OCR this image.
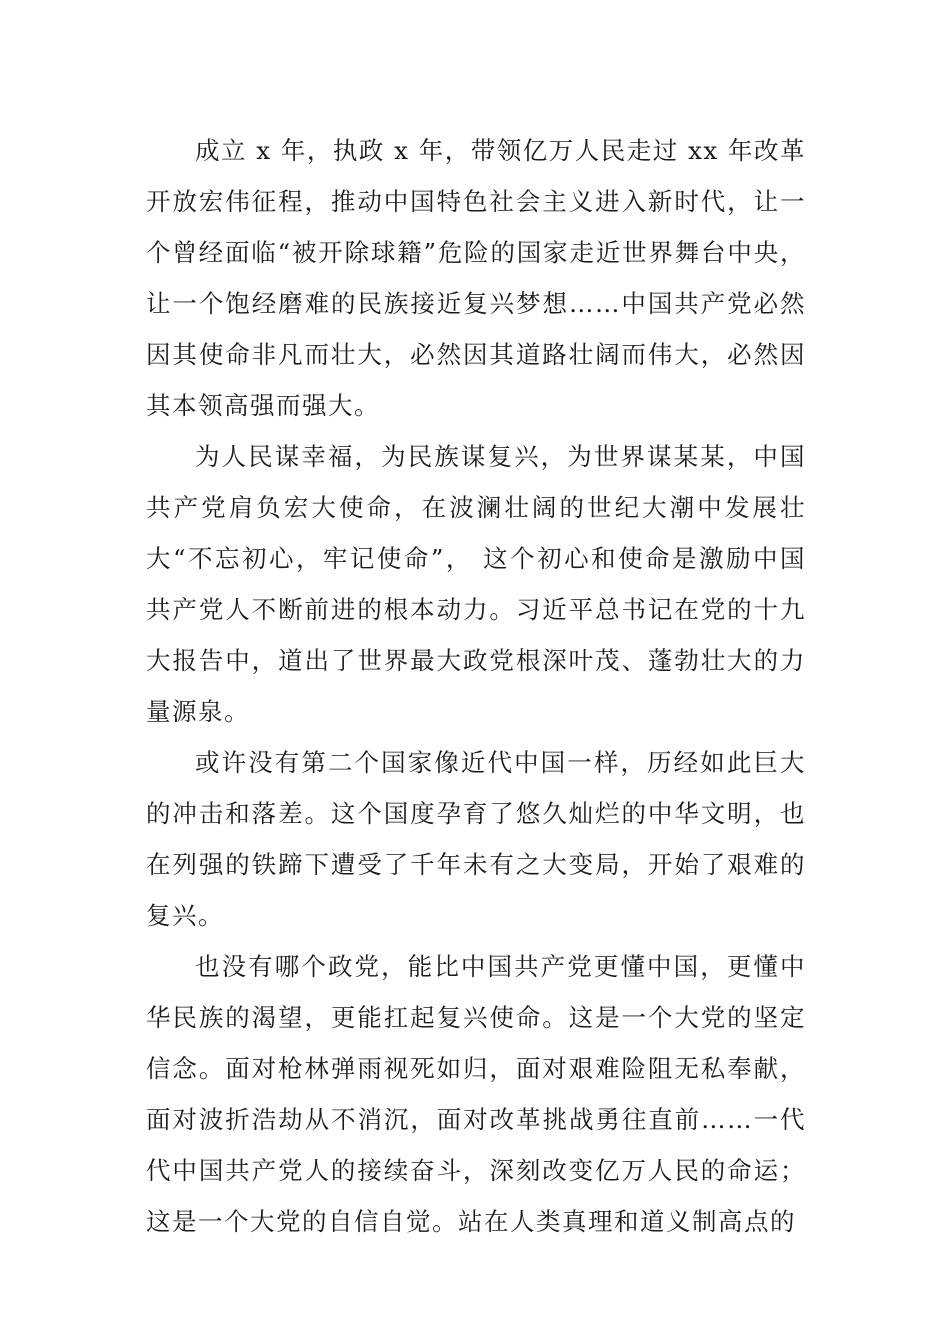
成立 x 年，执政 x 年，带领亿万人民走过 xx 年改革开放宏伟征程，推动中国特色社会主义进入新时代，让一个曾经面临“被开除球籍”危险的国家走近世界舞台中央，让一个饱经磨难的民族接近复兴梦想……中国共产党必然因其使命非凡而壮大，必然因其道路壮阔而伟大，必然因其本领高强而强大。

为人民谋幸福，为民族谋复兴，为世界谋某某，中国共产党肩负宏大使命，在波澜壮阔的世纪大潮中发展壮大“不忘初心，牢记使命”， 这个初心和使命是激励中国共产党人不断前进的根本动力。习近平总书记在党的十九大报告中，道出了世界最大政党根深叶茂、蓬勃壮大的力量源泉。

或许没有第二个国家像近代中国一样，历经如此巨大的冲击和落差。这个国度孕育了悠久灿烂的中华文明，也在列强的铁蹄下遭受了千年未有之大变局，开始了艰难的复兴。

也没有哪个政党，能比中国共产党更懂中国，更懂中华民族的渴望，更能扛起复兴使命。这是一个大党的坚定信念。面对枪林弹雨视死如归，面对艰难险阻无私奉献，面对波折浩劫从不消沉，面对改革挑战勇往直前……一代代中国共产党人的接续奋斗，深刻改变亿万人民的命运；这是一个大党的自信自觉。站在人类真理和道义制高点的
